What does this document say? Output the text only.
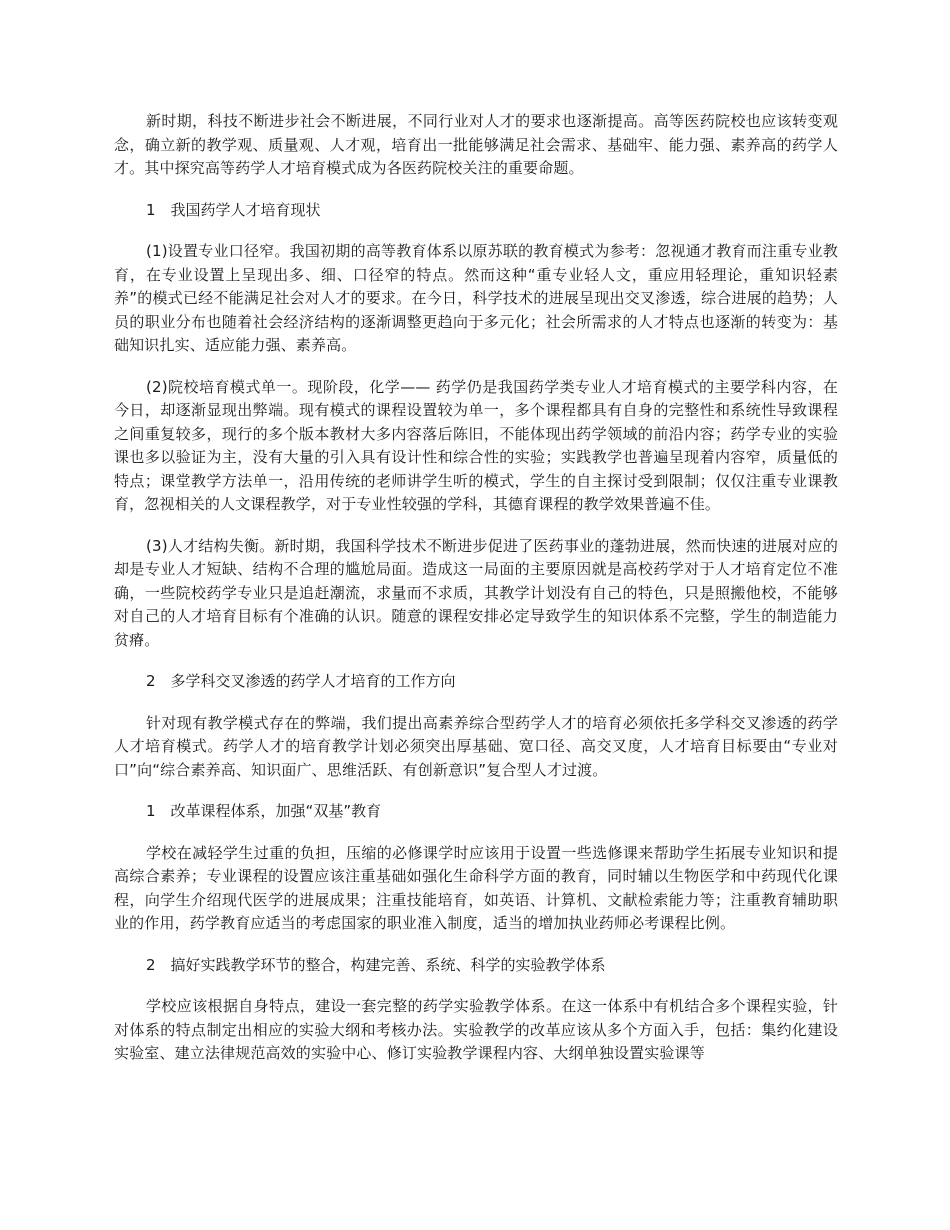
新时期，科技不断进步社会不断进展，不同行业对人才的要求也逐渐提高。高等医药院校也应该转变观念，确立新的教学观、质量观、人才观，培育出一批能够满足社会需求、基础牢、能力强、素养高的药学人才。其中探究高等药学人才培育模式成为各医药院校关注的重要命题。

1　我国药学人才培育现状

(1)设置专业口径窄。我国初期的高等教育体系以原苏联的教育模式为参考：忽视通才教育而注重专业教育，在专业设置上呈现出多、细、口径窄的特点。然而这种“重专业轻人文，重应用轻理论，重知识轻素养”的模式已经不能满足社会对人才的要求。在今日，科学技术的进展呈现出交叉渗透，综合进展的趋势；人员的职业分布也随着社会经济结构的逐渐调整更趋向于多元化；社会所需求的人才特点也逐渐的转变为：基础知识扎实、适应能力强、素养高。

(2)院校培育模式单一。现阶段，化学—— 药学仍是我国药学类专业人才培育模式的主要学科内容，在今日，却逐渐显现出弊端。现有模式的课程设置较为单一，多个课程都具有自身的完整性和系统性导致课程之间重复较多，现行的多个版本教材大多内容落后陈旧，不能体现出药学领域的前沿内容；药学专业的实验课也多以验证为主，没有大量的引入具有设计性和综合性的实验；实践教学也普遍呈现着内容窄，质量低的特点；课堂教学方法单一，沿用传统的老师讲学生听的模式，学生的自主探讨受到限制；仅仅注重专业课教育，忽视相关的人文课程教学，对于专业性较强的学科，其德育课程的教学效果普遍不佳。

(3)人才结构失衡。新时期，我国科学技术不断进步促进了医药事业的蓬勃进展，然而快速的进展对应的却是专业人才短缺、结构不合理的尴尬局面。造成这一局面的主要原因就是高校药学对于人才培育定位不准确，一些院校药学专业只是追赶潮流，求量而不求质，其教学计划没有自己的特色，只是照搬他校，不能够对自己的人才培育目标有个准确的认识。随意的课程安排必定导致学生的知识体系不完整，学生的制造能力贫瘠。

2　多学科交叉渗透的药学人才培育的工作方向

针对现有教学模式存在的弊端，我们提出高素养综合型药学人才的培育必须依托多学科交叉渗透的药学人才培育模式。药学人才的培育教学计划必须突出厚基础、宽口径、高交叉度，人才培育目标要由“专业对口”向“综合素养高、知识面广、思维活跃、有创新意识”复合型人才过渡。

1　改革课程体系，加强“双基”教育

学校在减轻学生过重的负担，压缩的必修课学时应该用于设置一些选修课来帮助学生拓展专业知识和提高综合素养；专业课程的设置应该注重基础如强化生命科学方面的教育，同时辅以生物医学和中药现代化课程，向学生介绍现代医学的进展成果；注重技能培育，如英语、计算机、文献检索能力等；注重教育辅助职业的作用，药学教育应适当的考虑国家的职业准入制度，适当的增加执业药师必考课程比例。

2　搞好实践教学环节的整合，构建完善、系统、科学的实验教学体系

学校应该根据自身特点，建设一套完整的药学实验教学体系。在这一体系中有机结合多个课程实验，针对体系的特点制定出相应的实验大纲和考核办法。实验教学的改革应该从多个方面入手，包括：集约化建设实验室、建立法律规范高效的实验中心、修订实验教学课程内容、大纲单独设置实验课等
